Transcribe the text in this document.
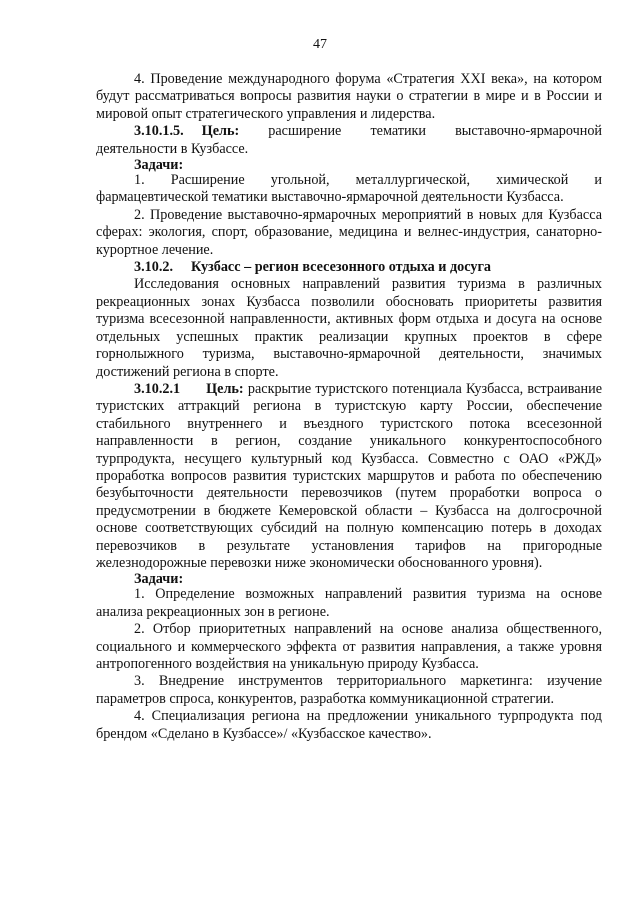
47

4. Проведение международного форума «Стратегия XXI века», на котором будут рассматриваться вопросы развития науки о стратегии в мире и в России и мировой опыт стратегического управления и лидерства.

3.10.1.5. Цель: расширение тематики выставочно-ярмарочной деятельности в Кузбассе.

Задачи:

1. Расширение угольной, металлургической, химической и фармацевтической тематики выставочно-ярмарочной деятельности Кузбасса.

2. Проведение выставочно-ярмарочных мероприятий в новых для Кузбасса сферах: экология, спорт, образование, медицина и велнес-индустрия, санаторно-курортное лечение.

3.10.2. Кузбасс – регион всесезонного отдыха и досуга

Исследования основных направлений развития туризма в различных рекреационных зонах Кузбасса позволили обосновать приоритеты развития туризма всесезонной направленности, активных форм отдыха и досуга на основе отдельных успешных практик реализации крупных проектов в сфере горнолыжного туризма, выставочно-ярмарочной деятельности, значимых достижений региона в спорте.

3.10.2.1 Цель: раскрытие туристского потенциала Кузбасса, встраивание туристских аттракций региона в туристскую карту России, обеспечение стабильного внутреннего и въездного туристского потока всесезонной направленности в регион, создание уникального конкурентоспособного турпродукта, несущего культурный код Кузбасса. Совместно с ОАО «РЖД» проработка вопросов развития туристских маршрутов и работа по обеспечению безубыточности деятельности перевозчиков (путем проработки вопроса о предусмотрении в бюджете Кемеровской области – Кузбасса на долгосрочной основе соответствующих субсидий на полную компенсацию потерь в доходах перевозчиков в результате установления тарифов на пригородные железнодорожные перевозки ниже экономически обоснованного уровня).

Задачи:

1. Определение возможных направлений развития туризма на основе анализа рекреационных зон в регионе.

2. Отбор приоритетных направлений на основе анализа общественного, социального и коммерческого эффекта от развития направления, а также уровня антропогенного воздействия на уникальную природу Кузбасса.

3. Внедрение инструментов территориального маркетинга: изучение параметров спроса, конкурентов, разработка коммуникационной стратегии.

4. Специализация региона на предложении уникального турпродукта под брендом «Сделано в Кузбассе»/ «Кузбасское качество».
